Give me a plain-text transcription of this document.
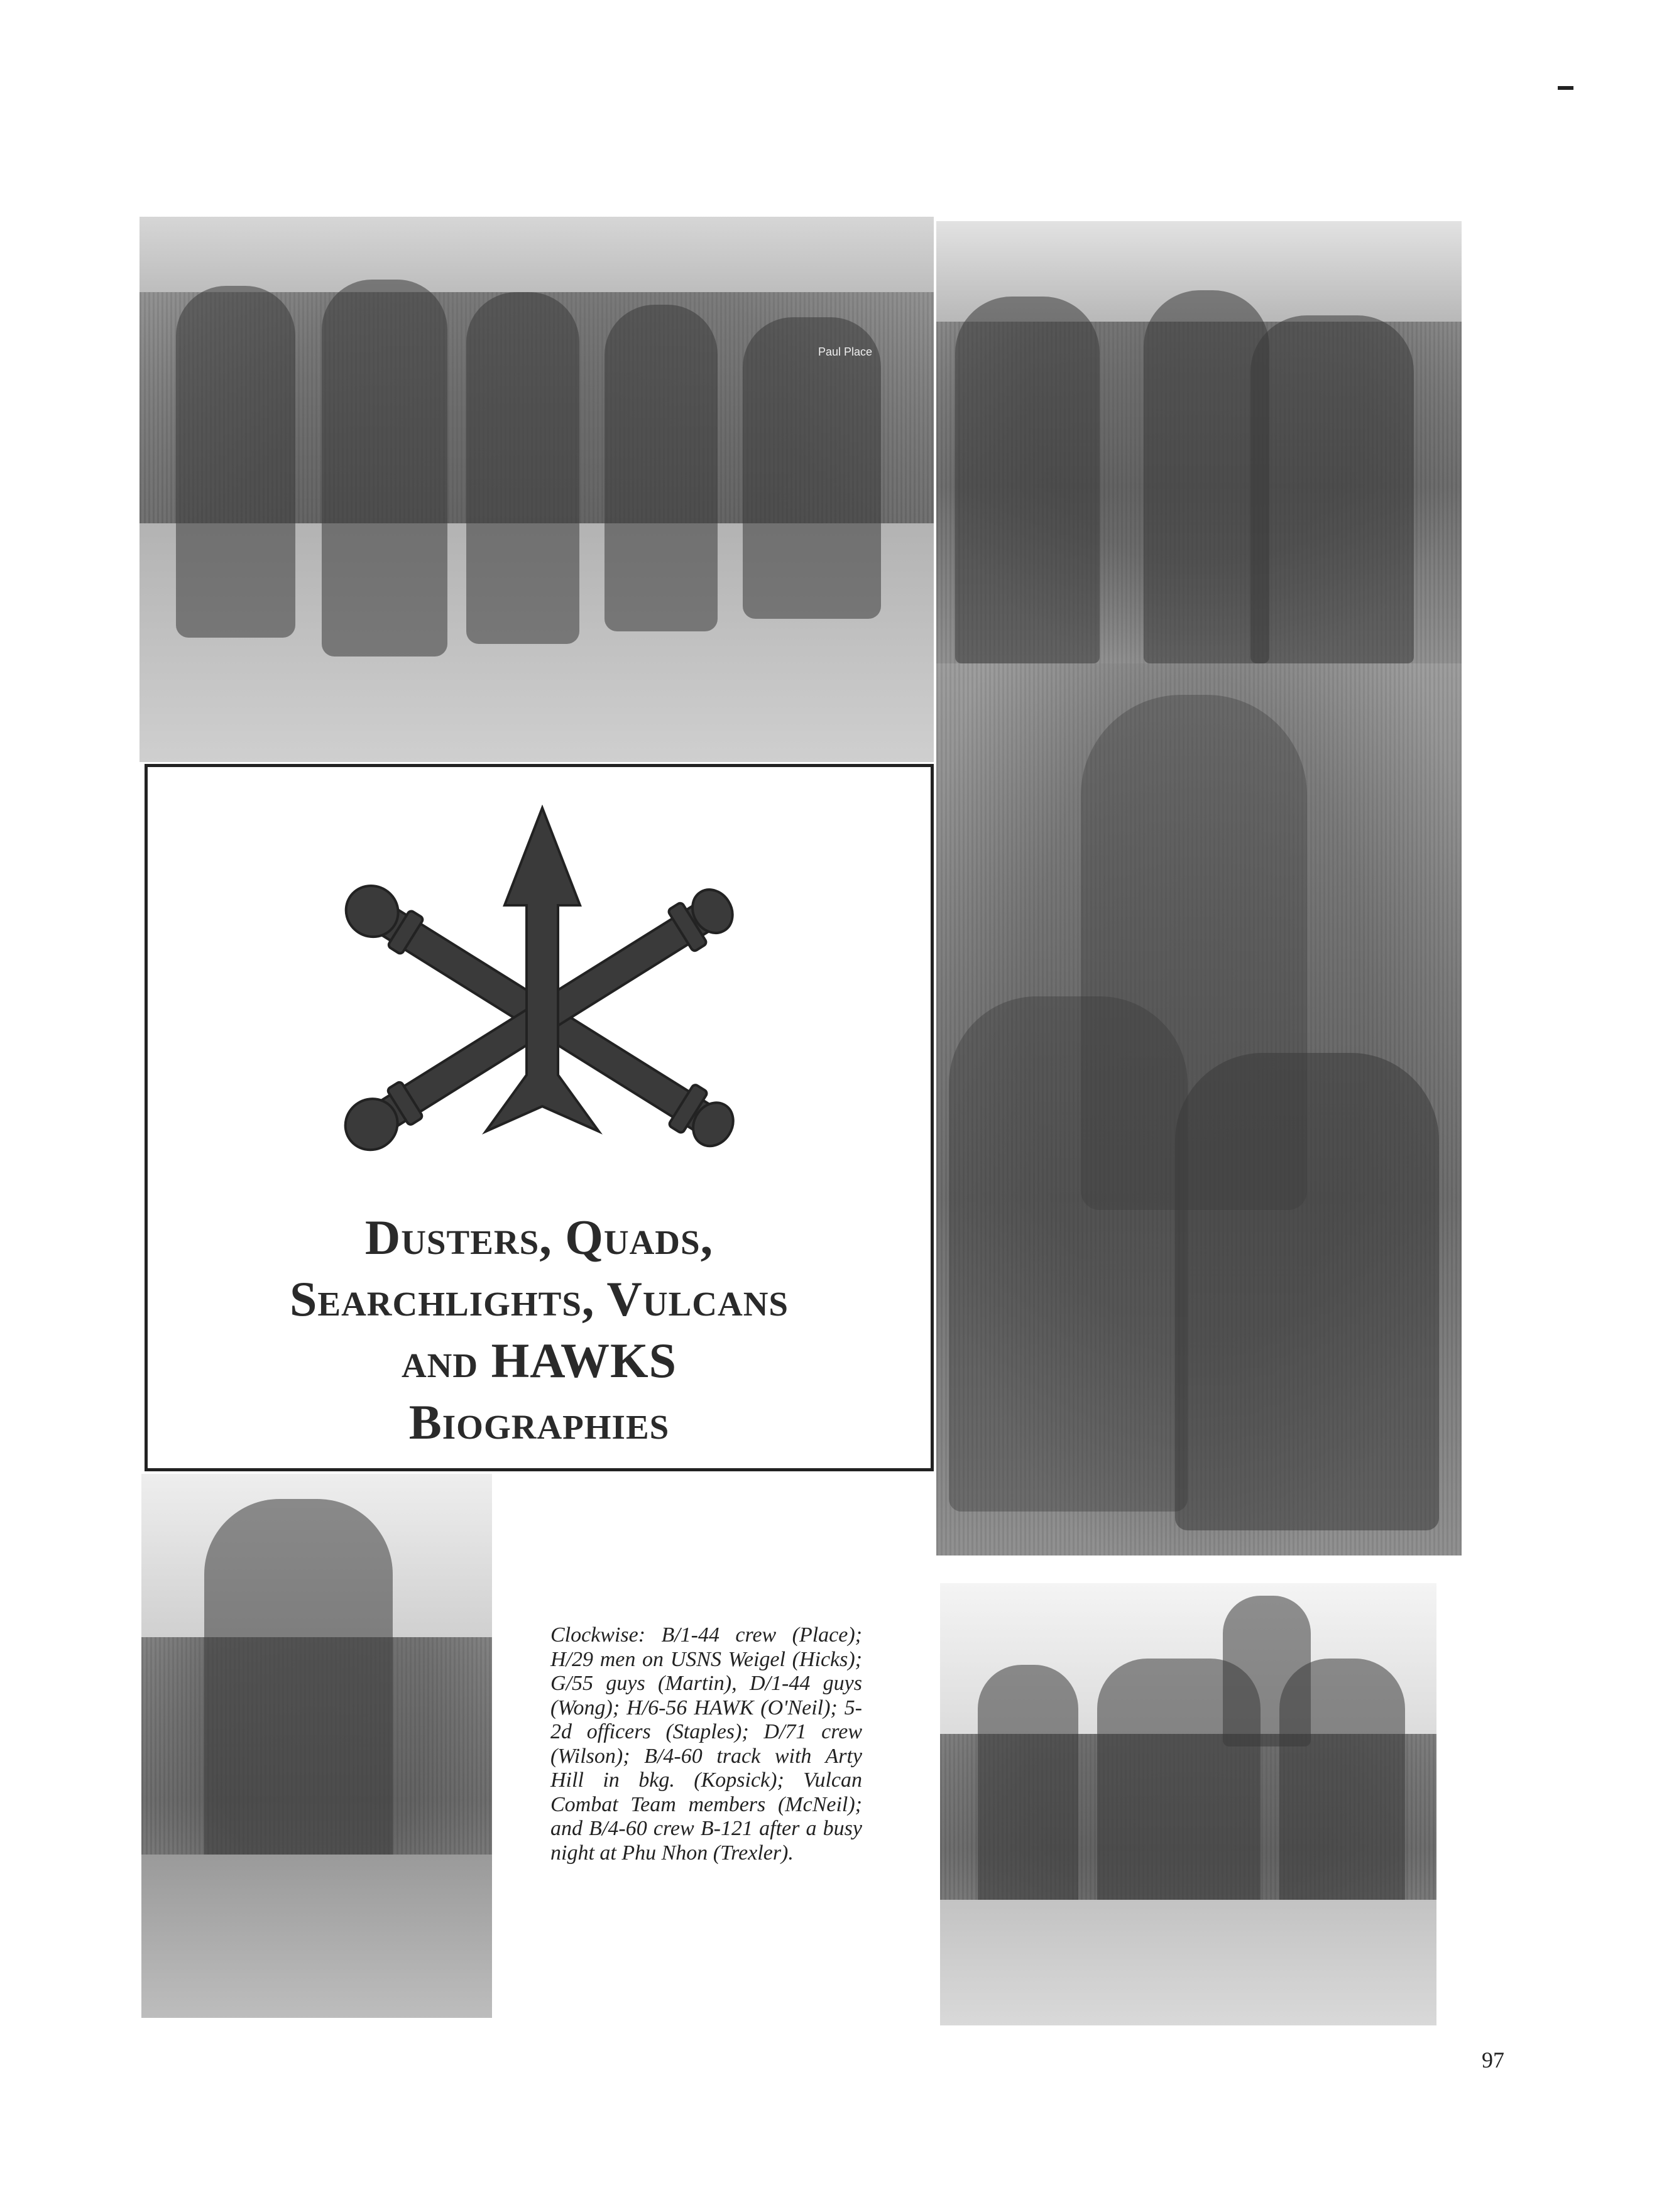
Paul Place
Dusters, Quads,
Searchlights, Vulcans
and HAWKS
Biographies
Clockwise: B/1-44 crew (Place); H/29 men on USNS Weigel (Hicks); G/55 guys (Martin), D/1-44 guys (Wong); H/6-56 HAWK (O'Neil); 5-2d officers (Staples); D/71 crew (Wilson); B/4-60 track with Arty Hill in bkg. (Kopsick); Vulcan Combat Team members (McNeil); and B/4-60 crew B-121 after a busy night at Phu Nhon (Trexler).
97
